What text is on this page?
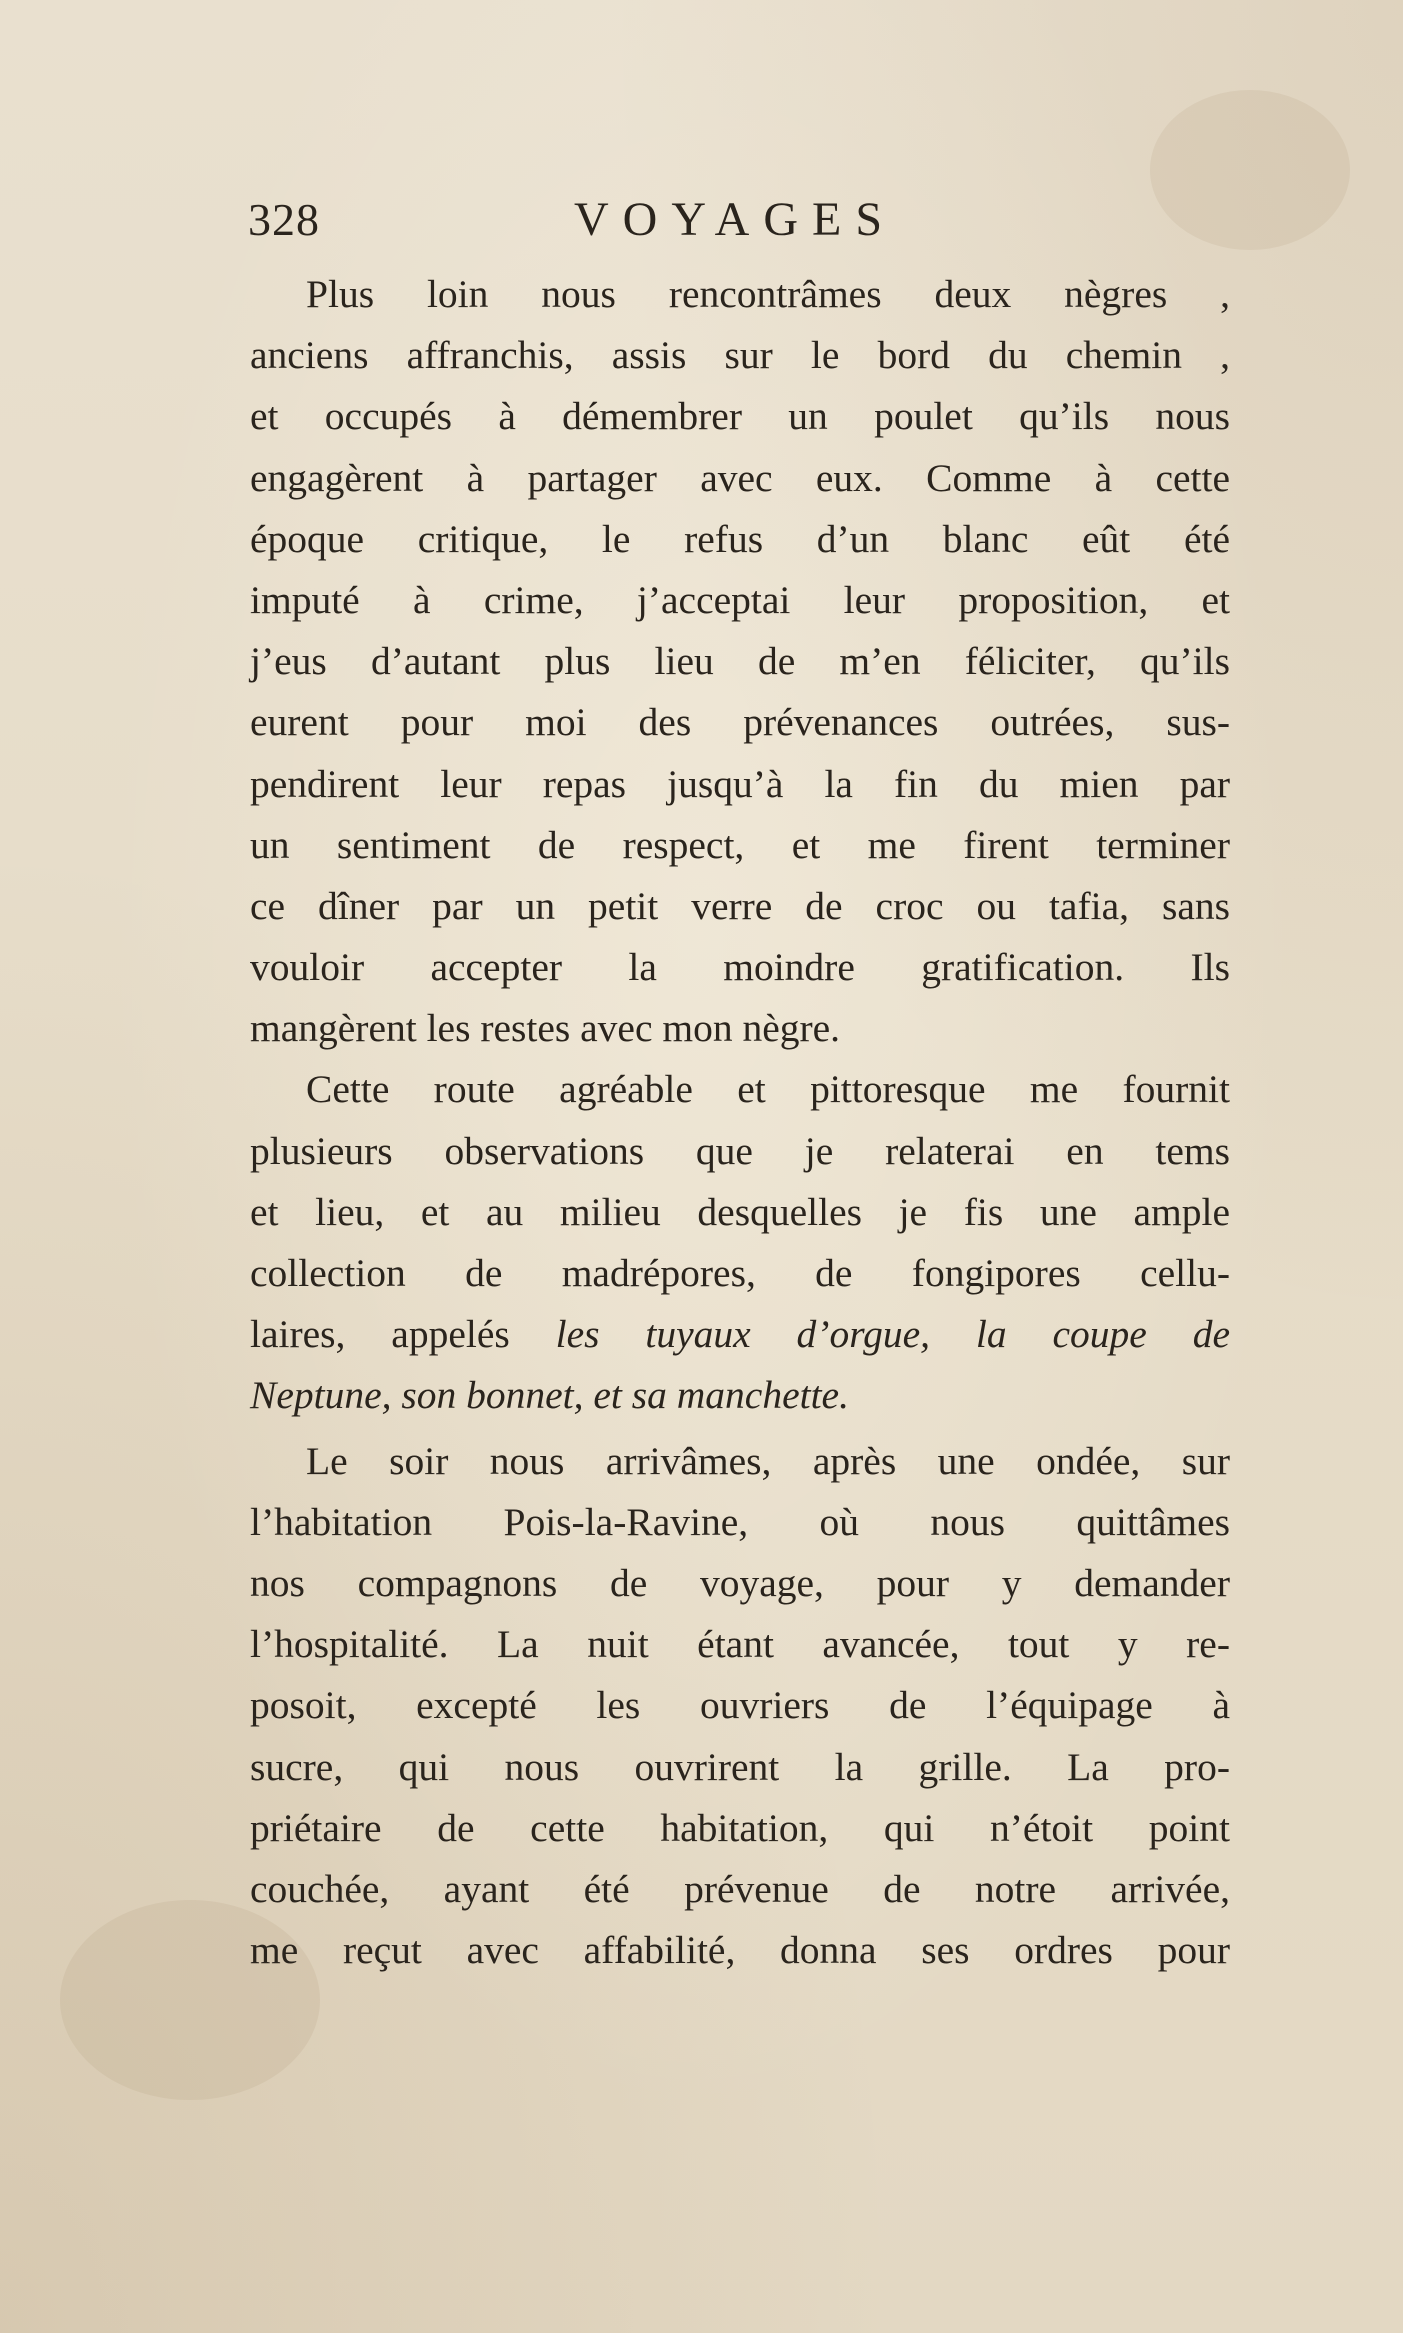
328	VOYAGES
Plus loin nous rencontrâmes deux nègres ,
anciens affranchis, assis sur le bord du chemin ,
et occupés à démembrer un poulet qu’ils nous
engagèrent à partager avec eux. Comme à cette
époque critique, le refus d’un blanc eût été
imputé à crime, j’acceptai leur proposition, et
j’eus d’autant plus lieu de m’en féliciter, qu’ils
eurent pour moi des prévenances outrées, sus-
pendirent leur repas jusqu’à la fin du mien par
un sentiment de respect, et me firent terminer
ce dîner par un petit verre de croc ou tafia, sans
vouloir accepter la moindre gratification. Ils
mangèrent les restes avec mon nègre.
Cette route agréable et pittoresque me fournit
plusieurs observations que je relaterai en tems
et lieu, et au milieu desquelles je fis une ample
collection de madrépores, de fongipores cellu-
laires, appelés les tuyaux d’orgue, la coupe de
Neptune, son bonnet, et sa manchette.
Le soir nous arrivâmes, après une ondée, sur
l’habitation Pois-la-Ravine, où nous quittâmes
nos compagnons de voyage, pour y demander
l’hospitalité. La nuit étant avancée, tout y re-
posoit, excepté les ouvriers de l’équipage à
sucre, qui nous ouvrirent la grille. La pro-
priétaire de cette habitation, qui n’étoit point
couchée, ayant été prévenue de notre arrivée,
me reçut avec affabilité, donna ses ordres pour
